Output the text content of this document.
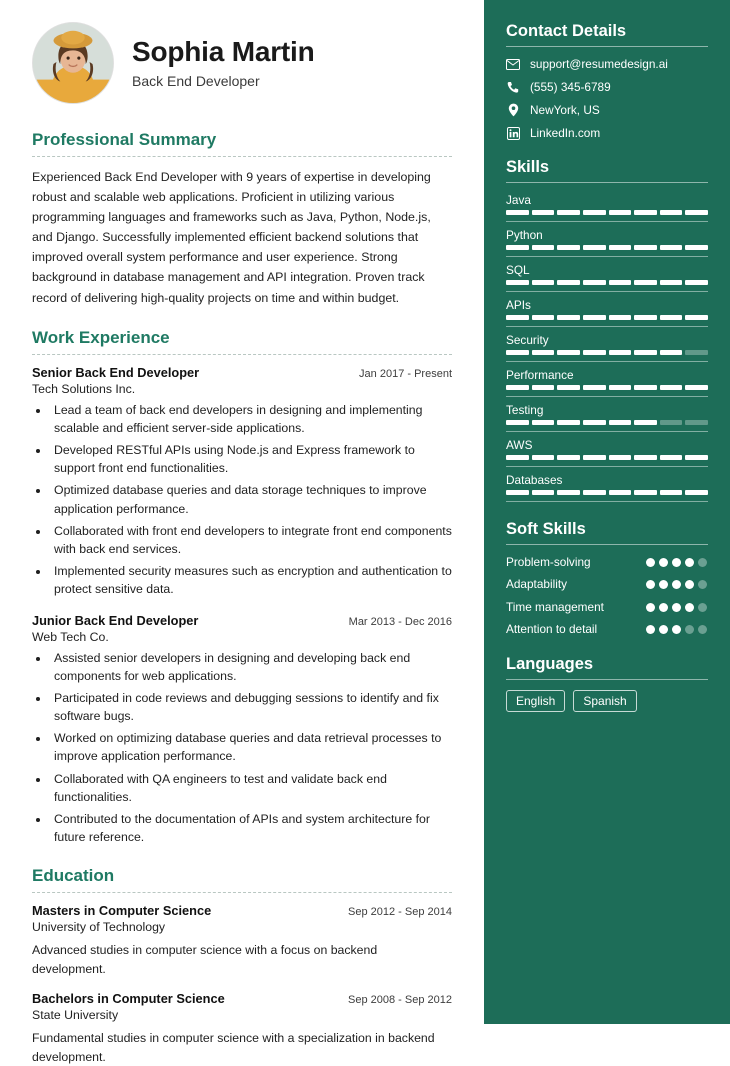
Sophia Martin
Back End Developer
Professional Summary
Experienced Back End Developer with 9 years of expertise in developing robust and scalable web applications. Proficient in utilizing various programming languages and frameworks such as Java, Python, Node.js, and Django. Successfully implemented efficient backend solutions that improved overall system performance and user experience. Strong background in database management and API integration. Proven track record of delivering high-quality projects on time and within budget.
Work Experience
Senior Back End Developer	Jan 2017 - Present
Tech Solutions Inc.
• Lead a team of back end developers in designing and implementing scalable and efficient server-side applications.
• Developed RESTful APIs using Node.js and Express framework to support front end functionalities.
• Optimized database queries and data storage techniques to improve application performance.
• Collaborated with front end developers to integrate front end components with back end services.
• Implemented security measures such as encryption and authentication to protect sensitive data.
Junior Back End Developer	Mar 2013 - Dec 2016
Web Tech Co.
• Assisted senior developers in designing and developing back end components for web applications.
• Participated in code reviews and debugging sessions to identify and fix software bugs.
• Worked on optimizing database queries and data retrieval processes to improve application performance.
• Collaborated with QA engineers to test and validate back end functionalities.
• Contributed to the documentation of APIs and system architecture for future reference.
Education
Masters in Computer Science	Sep 2012 - Sep 2014
University of Technology
Advanced studies in computer science with a focus on backend development.
Bachelors in Computer Science	Sep 2008 - Sep 2012
State University
Fundamental studies in computer science with a specialization in backend development.
Contact Details
support@resumedesign.ai
(555) 345-6789
NewYork, US
LinkedIn.com
Skills
Java
Python
SQL
APIs
Security
Performance
Testing
AWS
Databases
Soft Skills
Problem-solving
Adaptability
Time management
Attention to detail
Languages
English	Spanish
